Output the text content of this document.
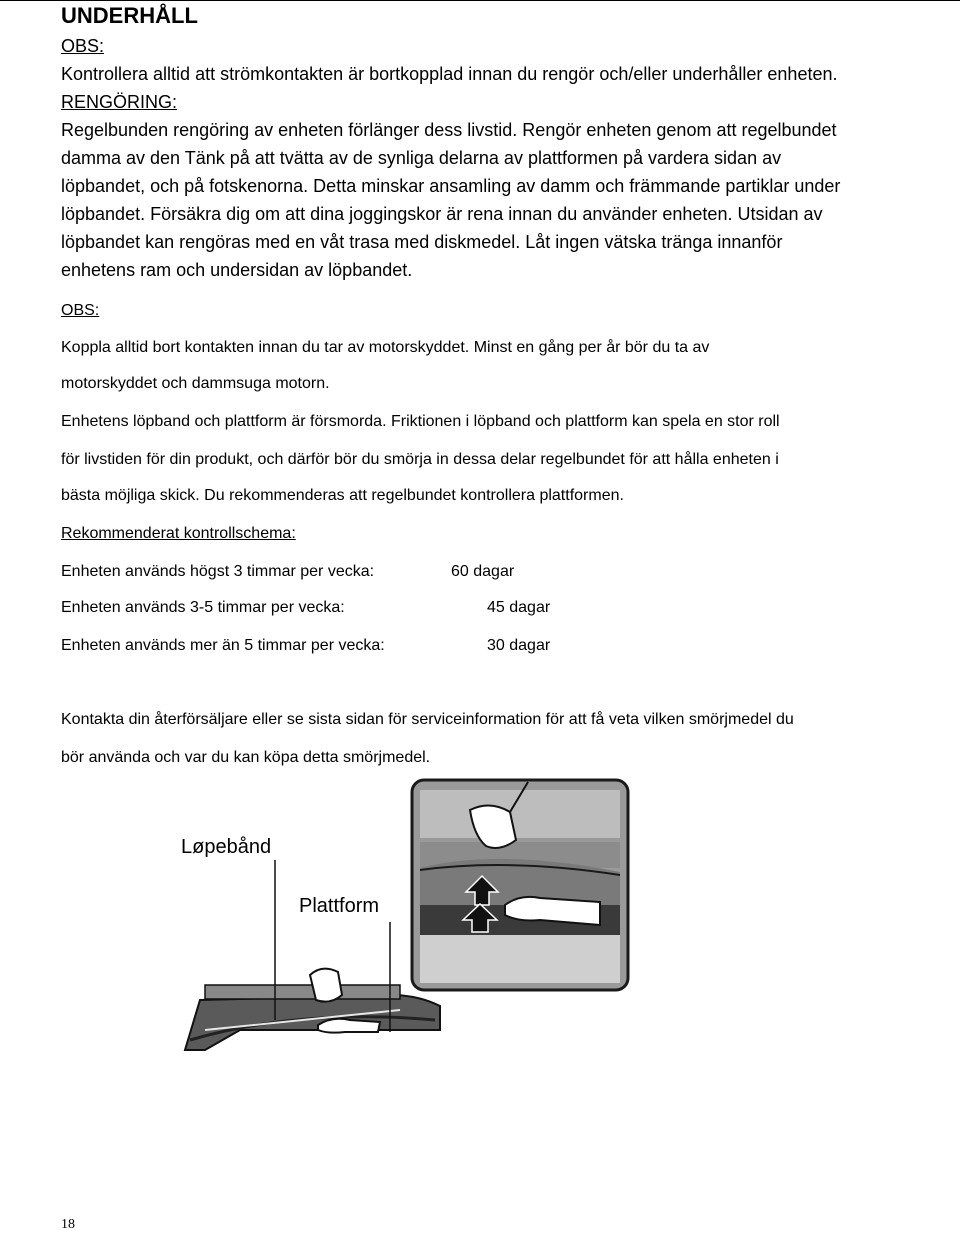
UNDERHÅLL
OBS:
Kontrollera alltid att strömkontakten är bortkopplad innan du rengör och/eller underhåller enheten.
RENGÖRING:
Regelbunden rengöring av enheten förlänger dess livstid. Rengör enheten genom att regelbundet
damma av den Tänk på att tvätta av de synliga delarna av plattformen på vardera sidan av
löpbandet, och på fotskenorna. Detta minskar ansamling av damm och främmande partiklar under
löpbandet. Försäkra dig om att dina joggingskor är rena innan du använder enheten. Utsidan av
löpbandet kan rengöras med en våt trasa med diskmedel. Låt ingen vätska tränga innanför
enhetens ram och undersidan av löpbandet.
OBS:
Koppla alltid bort kontakten innan du tar av motorskyddet. Minst en gång per år bör du ta av
motorskyddet och dammsuga motorn.
Enhetens löpband och plattform är försmorda. Friktionen i löpband och plattform kan spela en stor roll
för livstiden för din produkt, och därför bör du smörja in dessa delar regelbundet för att hålla enheten i
bästa möjliga skick. Du rekommenderas att regelbundet kontrollera plattformen.
Rekommenderat kontrollschema:
Enheten används högst 3 timmar per vecka:	60 dagar
Enheten används 3-5 timmar per vecka:	45 dagar
Enheten används mer än 5 timmar per vecka:	30 dagar
Kontakta din återförsäljare eller se sista sidan för serviceinformation för att få veta vilken smörjmedel du
bör använda och var du kan köpa detta smörjmedel.
Løpebånd
Plattform
18
